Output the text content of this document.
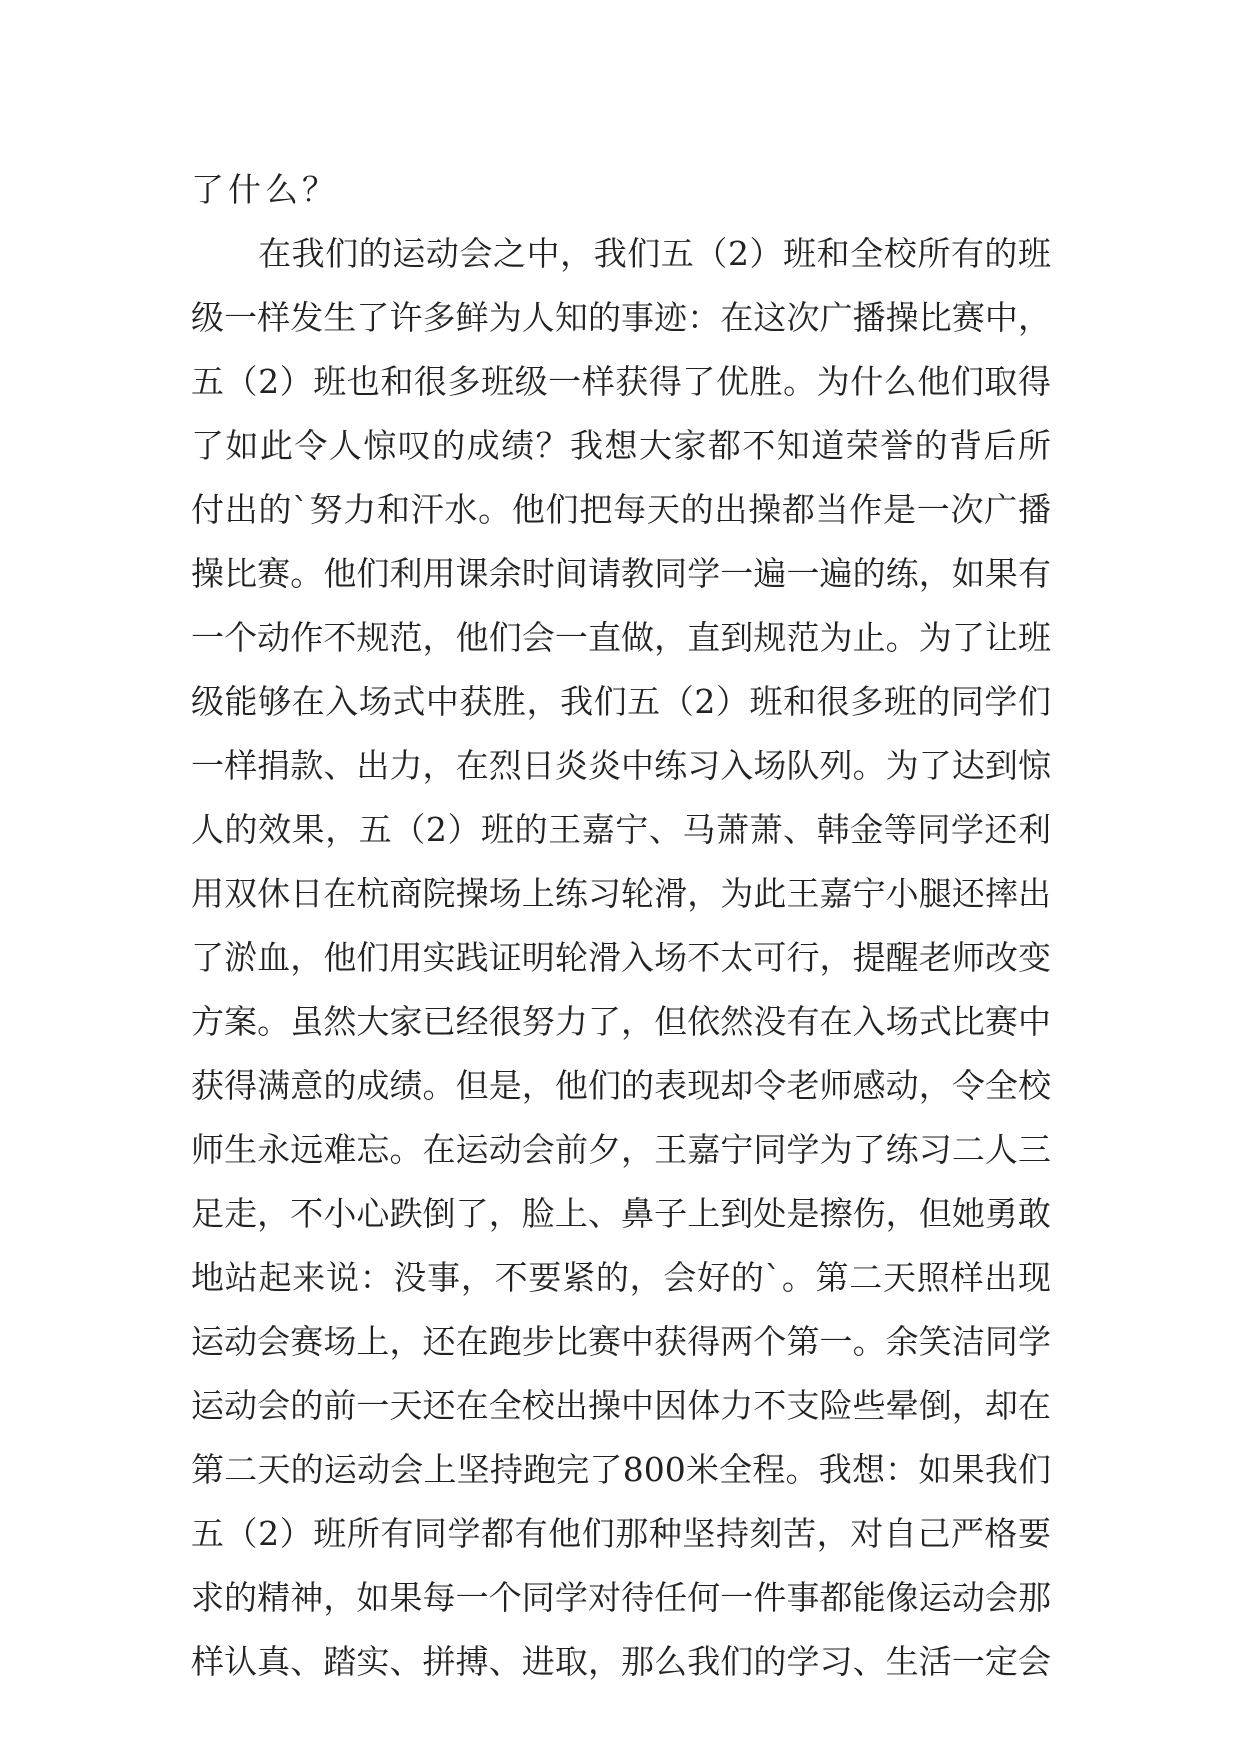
了什么？
　　在我们的运动会之中，我们五（2）班和全校所有的班
级一样发生了许多鲜为人知的事迹：在这次广播操比赛中，
五（2）班也和很多班级一样获得了优胜。为什么他们取得
了如此令人惊叹的成绩？我想大家都不知道荣誉的背后所
付出的`努力和汗水。他们把每天的出操都当作是一次广播
操比赛。他们利用课余时间请教同学一遍一遍的练，如果有
一个动作不规范，他们会一直做，直到规范为止。为了让班
级能够在入场式中获胜，我们五（2）班和很多班的同学们
一样捐款、出力，在烈日炎炎中练习入场队列。为了达到惊
人的效果，五（2）班的王嘉宁、马萧萧、韩金等同学还利
用双休日在杭商院操场上练习轮滑，为此王嘉宁小腿还摔出
了淤血，他们用实践证明轮滑入场不太可行，提醒老师改变
方案。虽然大家已经很努力了，但依然没有在入场式比赛中
获得满意的成绩。但是，他们的表现却令老师感动，令全校
师生永远难忘。在运动会前夕，王嘉宁同学为了练习二人三
足走，不小心跌倒了，脸上、鼻子上到处是擦伤，但她勇敢
地站起来说：没事，不要紧的，会好的`。第二天照样出现
运动会赛场上，还在跑步比赛中获得两个第一。余笑洁同学
运动会的前一天还在全校出操中因体力不支险些晕倒，却在
第二天的运动会上坚持跑完了800米全程。我想：如果我们
五（2）班所有同学都有他们那种坚持刻苦，对自己严格要
求的精神，如果每一个同学对待任何一件事都能像运动会那
样认真、踏实、拼搏、进取，那么我们的学习、生活一定会
